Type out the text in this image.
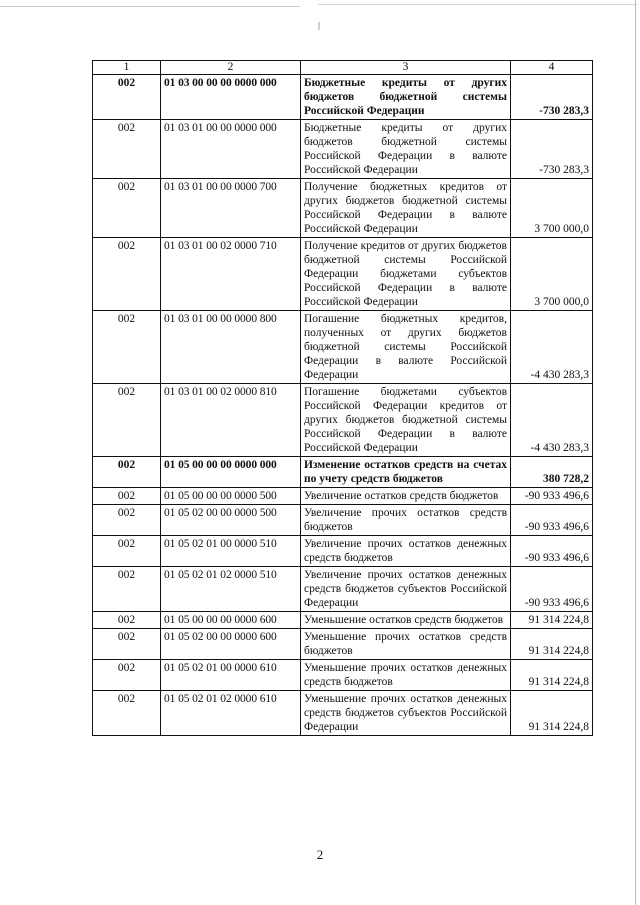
1	2	3	4
002	01 03 00 00 00 0000 000	Бюджетные кредиты от других бюджетов бюджетной системы Российской Федерации	-730 283,3
002	01 03 01 00 00 0000 000	Бюджетные кредиты от других бюджетов бюджетной системы Российской Федерации в валюте Российской Федерации	-730 283,3
002	01 03 01 00 00 0000 700	Получение бюджетных кредитов от других бюджетов бюджетной системы Российской Федерации в валюте Российской Федерации	3 700 000,0
002	01 03 01 00 02 0000 710	Получение кредитов от других бюджетов бюджетной системы Российской Федерации бюджетами субъектов Российской Федерации в валюте Российской Федерации	3 700 000,0
002	01 03 01 00 00 0000 800	Погашение бюджетных кредитов, полученных от других бюджетов бюджетной системы Российской Федерации в валюте Российской Федерации	-4 430 283,3
002	01 03 01 00 02 0000 810	Погашение бюджетами субъектов Российской Федерации кредитов от других бюджетов бюджетной системы Российской Федерации в валюте Российской Федерации	-4 430 283,3
002	01 05 00 00 00 0000 000	Изменение остатков средств на счетах по учету средств бюджетов	380 728,2
002	01 05 00 00 00 0000 500	Увеличение остатков средств бюджетов	-90 933 496,6
002	01 05 02 00 00 0000 500	Увеличение прочих остатков средств бюджетов	-90 933 496,6
002	01 05 02 01 00 0000 510	Увеличение прочих остатков денежных средств бюджетов	-90 933 496,6
002	01 05 02 01 02 0000 510	Увеличение прочих остатков денежных средств бюджетов субъектов Российской Федерации	-90 933 496,6
002	01 05 00 00 00 0000 600	Уменьшение остатков средств бюджетов	91 314 224,8
002	01 05 02 00 00 0000 600	Уменьшение прочих остатков средств бюджетов	91 314 224,8
002	01 05 02 01 00 0000 610	Уменьшение прочих остатков денежных средств бюджетов	91 314 224,8
002	01 05 02 01 02 0000 610	Уменьшение прочих остатков денежных средств бюджетов субъектов Российской Федерации	91 314 224,8
2
